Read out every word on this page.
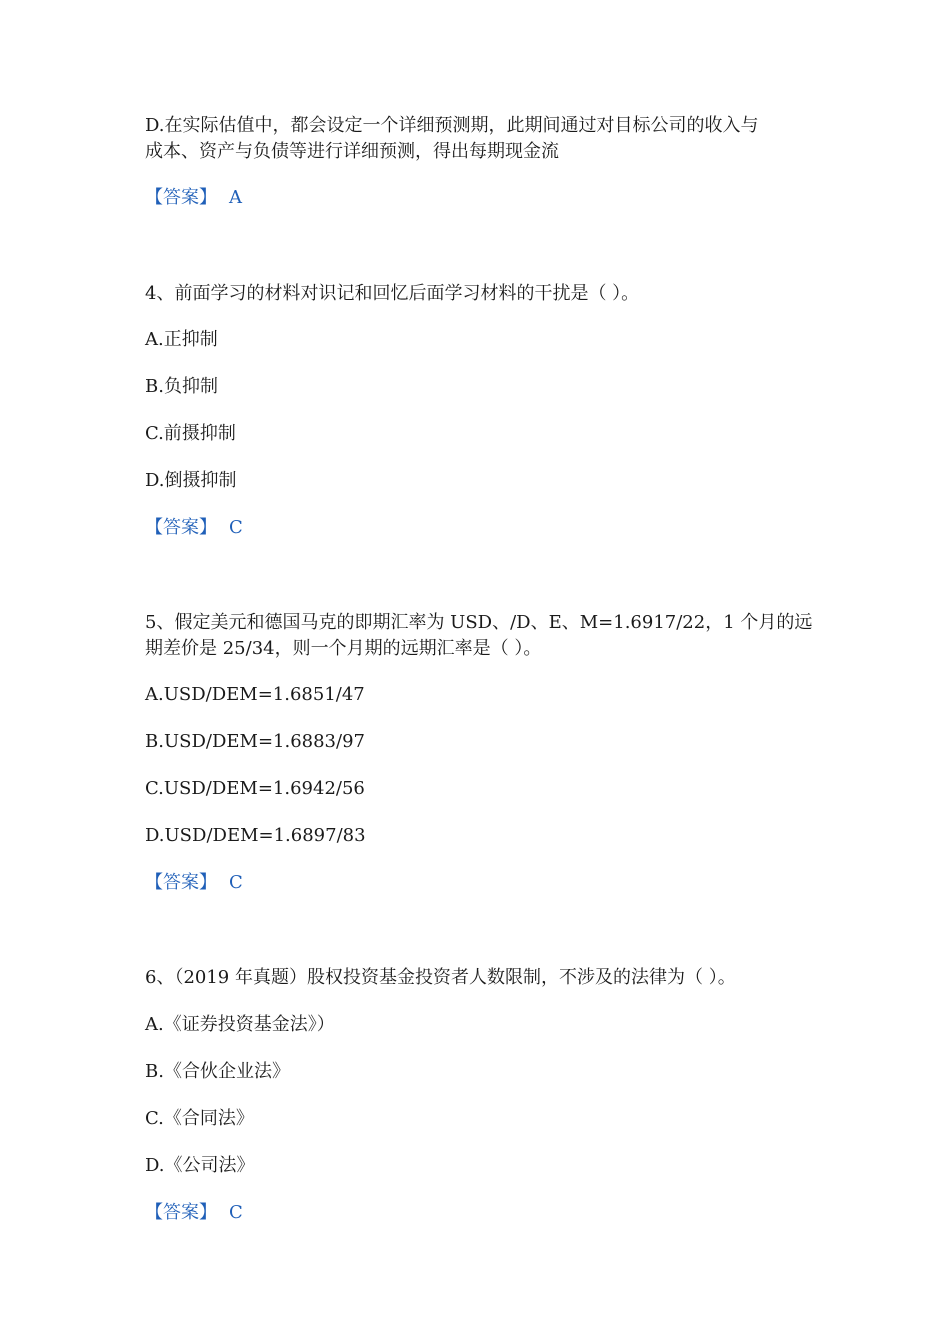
D.在实际估值中，都会设定一个详细预测期，此期间通过对目标公司的收入与
成本、资产与负债等进行详细预测，得出每期现金流
【答案】 A
4、前面学习的材料对识记和回忆后面学习材料的干扰是（ ）。
A.正抑制
B.负抑制
C.前摄抑制
D.倒摄抑制
【答案】 C
5、假定美元和德国马克的即期汇率为 USD、/D、E、M=1.6917/22，1 个月的远
期差价是 25/34，则一个月期的远期汇率是（ ）。
A.USD/DEM=1.6851/47
B.USD/DEM=1.6883/97
C.USD/DEM=1.6942/56
D.USD/DEM=1.6897/83
【答案】 C
6、（2019 年真题）股权投资基金投资者人数限制，不涉及的法律为（ ）。
A.《证券投资基金法》）
B.《合伙企业法》
C.《合同法》
D.《公司法》
【答案】 C
